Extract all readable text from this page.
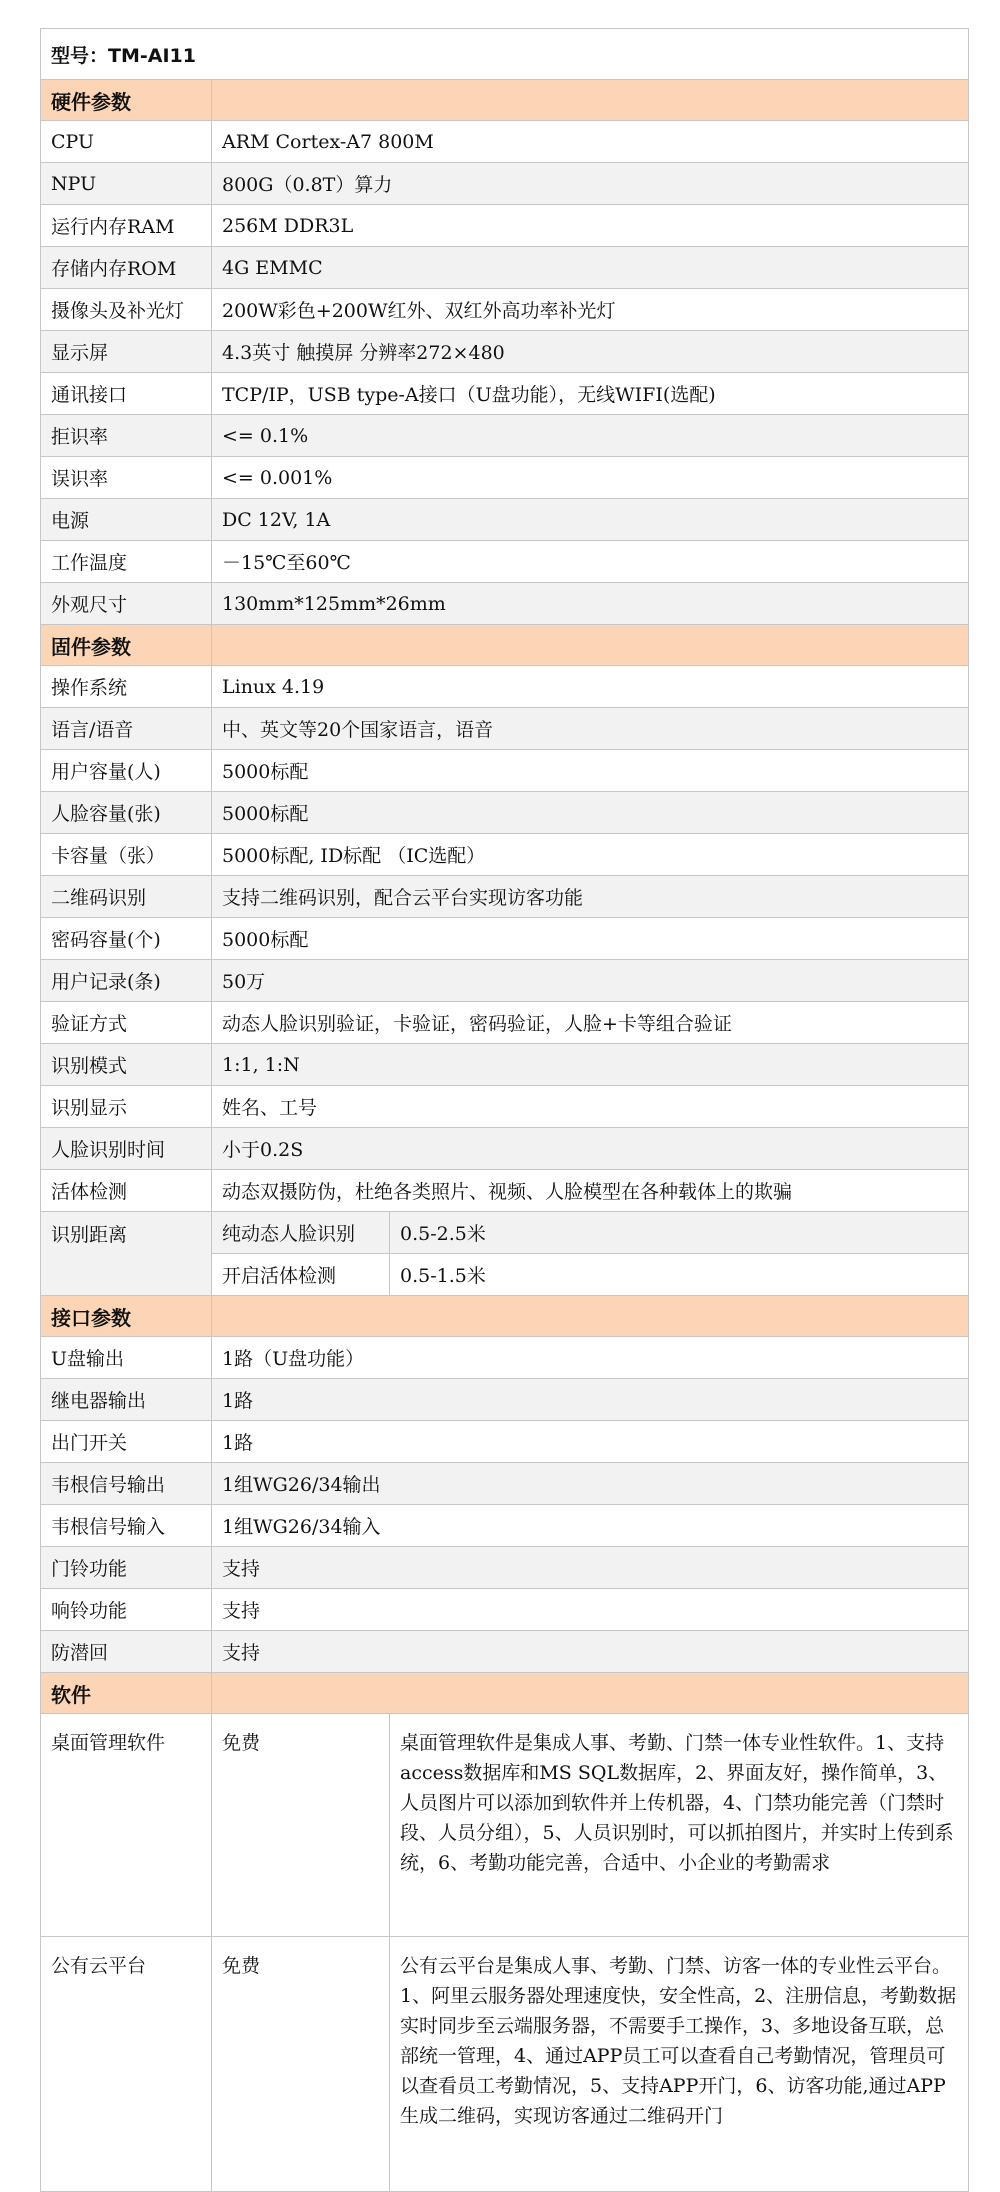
型号：TM-AI11		
硬件参数		
CPU	ARM Cortex-A7 800M	
NPU	800G（0.8T）算力	
运行内存RAM	256M DDR3L	
存储内存ROM	4G EMMC	
摄像头及补光灯	200W彩色+200W红外、双红外高功率补光灯	
显示屏	4.3英寸 触摸屏 分辨率272×480	
通讯接口	TCP/IP，USB type-A接口（U盘功能），无线WIFI(选配)	
拒识率	<= 0.1%	
误识率	<= 0.001%	
电源	DC 12V, 1A	
工作温度	－15℃至60℃	
外观尺寸	130mm*125mm*26mm	
固件参数		
操作系统	Linux 4.19	
语言/语音	中、英文等20个国家语言，语音	
用户容量(人)	5000标配	
人脸容量(张)	5000标配	
卡容量（张）	5000标配, ID标配 （IC选配）	
二维码识别	支持二维码识别，配合云平台实现访客功能	
密码容量(个)	5000标配	
用户记录(条)	50万	
验证方式	动态人脸识别验证，卡验证，密码验证，人脸+卡等组合验证	
识别模式	1:1, 1:N	
识别显示	姓名、工号	
人脸识别时间	小于0.2S	
活体检测	动态双摄防伪，杜绝各类照片、视频、人脸模型在各种载体上的欺骗	
识别距离	纯动态人脸识别	0.5-2.5米
	开启活体检测	0.5-1.5米
接口参数		
U盘输出	1路（U盘功能）	
继电器输出	1路	
出门开关	1路	
韦根信号输出	1组WG26/34输出	
韦根信号输入	1组WG26/34输入	
门铃功能	支持	
响铃功能	支持	
防潜回	支持	
软件		
桌面管理软件	免费	桌面管理软件是集成人事、考勤、门禁一体专业性软件。1、支持access数据库和MS SQL数据库，2、界面友好，操作简单，3、人员图片可以添加到软件并上传机器，4、门禁功能完善（门禁时段、人员分组），5、人员识别时，可以抓拍图片，并实时上传到系统，6、考勤功能完善，合适中、小企业的考勤需求
公有云平台	免费	公有云平台是集成人事、考勤、门禁、访客一体的专业性云平台。1、阿里云服务器处理速度快，安全性高，2、注册信息，考勤数据实时同步至云端服务器，不需要手工操作，3、多地设备互联，总部统一管理，4、通过APP员工可以查看自己考勤情况，管理员可以查看员工考勤情况，5、支持APP开门，6、访客功能,通过APP生成二维码，实现访客通过二维码开门
